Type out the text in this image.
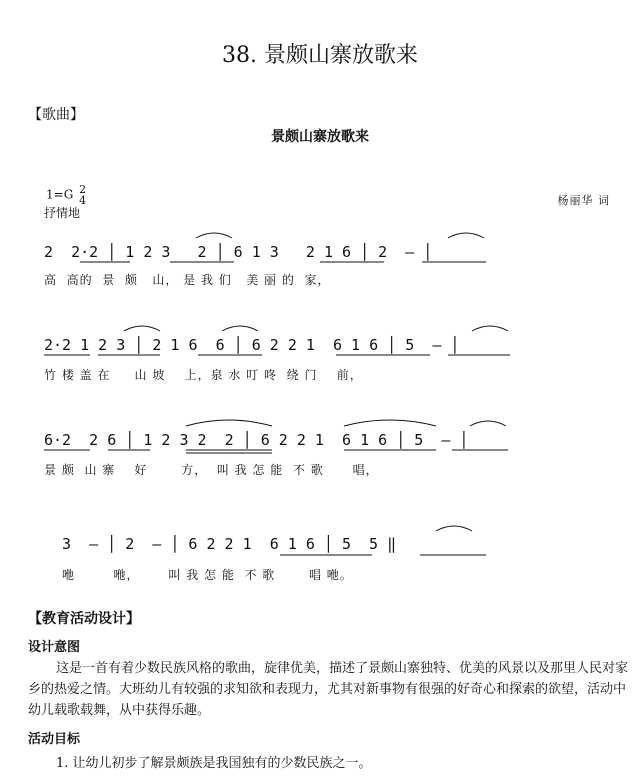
38. 景颇山寨放歌来
【歌曲】
景颇山寨放歌来
1=G 2
4
抒情地
杨丽华 词
2  2·2 │ 1 2 3   2 │ 6 1 3   2 1 6 │ 2  — │
高  高的  景  颇   山， 是 我 们   美 丽 的  家，
2·2 1 2 3 │ 2 1 6  6 │ 6 2 2 1  6 1 6 │ 5  — │
竹 楼 盖 在     山 坡    上，泉 水 叮 咚  绕 门    前，
6·2  2 6 │ 1 2 3 2  2 │ 6 2 2 1  6 1 6 │ 5  — │
景 颇  山 寨    好       方，  叫 我 怎 能  不 歌      唱，
3  — │ 2  — │ 6 2 2 1  6 1 6 │ 5  5 ‖
咃        咃，      叫 我 怎 能  不 歌       唱 咃。
【教育活动设计】
设计意图
这是一首有着少数民族风格的歌曲，旋律优美，描述了景颇山寨独特、优美的风景以及那里人民对家乡的热爱之情。大班幼儿有较强的求知欲和表现力，尤其对新事物有很强的好奇心和探索的欲望，活动中幼儿载歌载舞，从中获得乐趣。
活动目标
1. 让幼儿初步了解景颇族是我国独有的少数民族之一。
